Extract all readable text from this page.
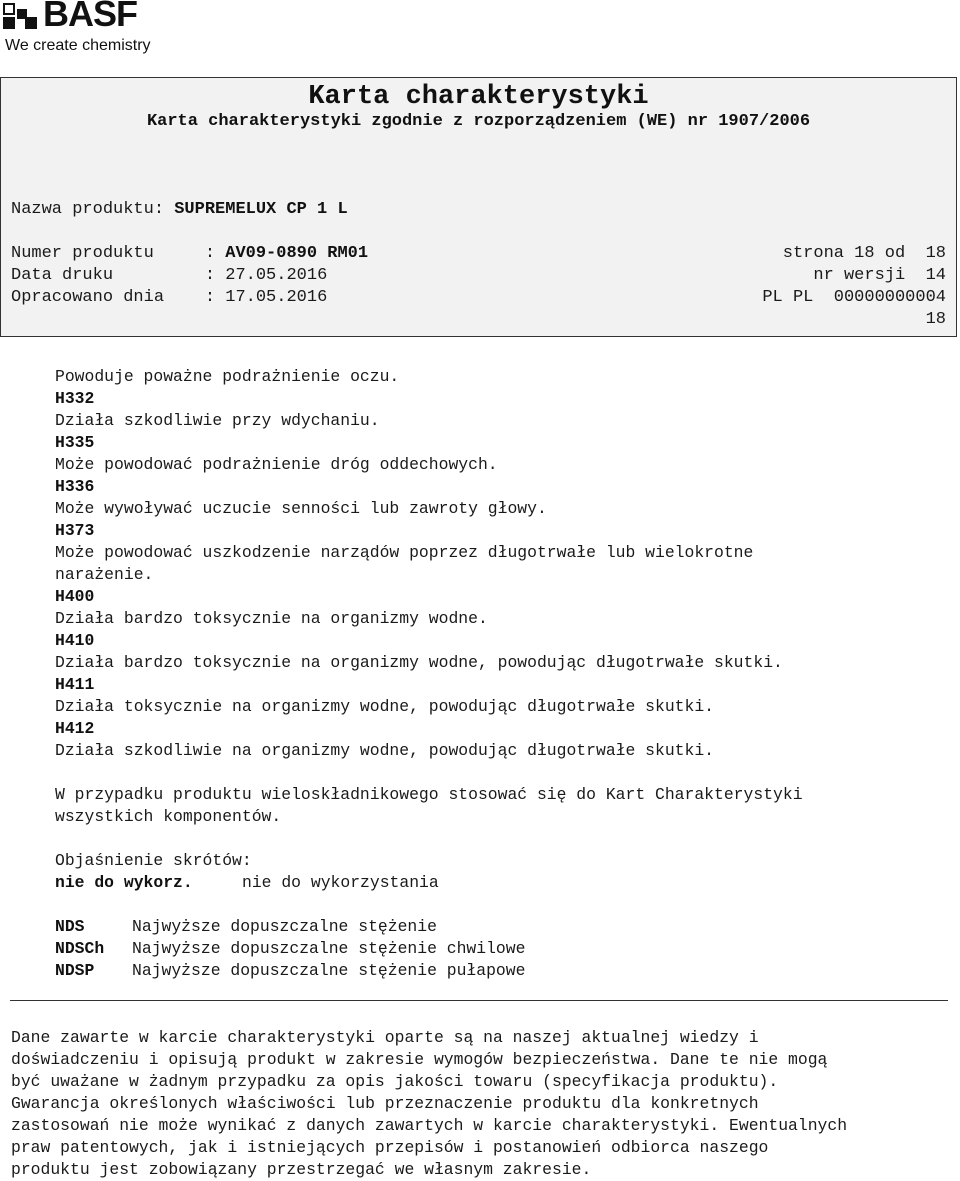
BASF
We create chemistry
Karta charakterystyki
Karta charakterystyki zgodnie z rozporządzeniem (WE) nr 1907/2006
Nazwa produktu: SUPREMELUX CP 1 L
Numer produktu     : AV09-0890 RM01
Data druku         : 27.05.2016
Opracowano dnia    : 17.05.2016
strona 18 od  18
nr wersji  14
PL PL  00000000004
18
Powoduje poważne podrażnienie oczu.
H332
Działa szkodliwie przy wdychaniu.
H335
Może powodować podrażnienie dróg oddechowych.
H336
Może wywoływać uczucie senności lub zawroty głowy.
H373
Może powodować uszkodzenie narządów poprzez długotrwałe lub wielokrotne
narażenie.
H400
Działa bardzo toksycznie na organizmy wodne.
H410
Działa bardzo toksycznie na organizmy wodne, powodując długotrwałe skutki.
H411
Działa toksycznie na organizmy wodne, powodując długotrwałe skutki.
H412
Działa szkodliwie na organizmy wodne, powodując długotrwałe skutki.
W przypadku produktu wieloskładnikowego stosować się do Kart Charakterystyki
wszystkich komponentów.
Objaśnienie skrótów:
nie do wykorz.	nie do wykorzystania
NDS	Najwyższe dopuszczalne stężenie
NDSCh Najwyższe dopuszczalne stężenie chwilowe
NDSP Najwyższe dopuszczalne stężenie pułapowe
Dane zawarte w karcie charakterystyki oparte są na naszej aktualnej wiedzy i
doświadczeniu i opisują produkt w zakresie wymogów bezpieczeństwa. Dane te nie mogą
być uważane w żadnym przypadku za opis jakości towaru (specyfikacja produktu).
Gwarancja określonych właściwości lub przeznaczenie produktu dla konkretnych
zastosowań nie może wynikać z danych zawartych w karcie charakterystyki. Ewentualnych
praw patentowych, jak i istniejących przepisów i postanowień odbiorca naszego
produktu jest zobowiązany przestrzegać we własnym zakresie.
